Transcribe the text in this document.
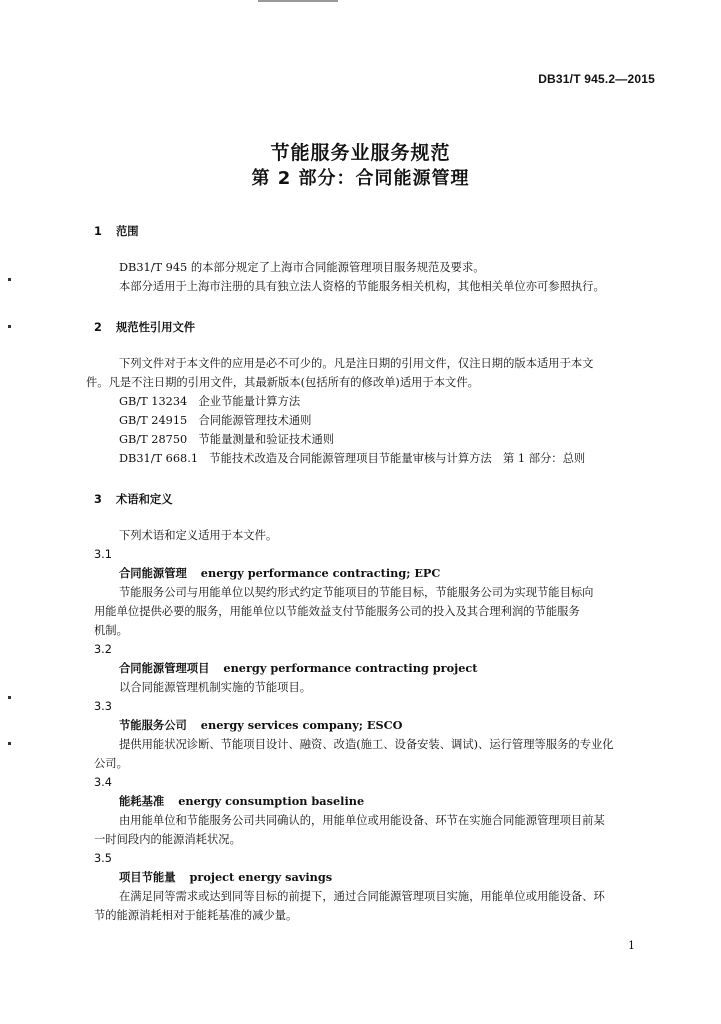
DB31/T 945.2—2015
节能服务业服务规范
第 2 部分：合同能源管理
1 范围
DB31/T 945 的本部分规定了上海市合同能源管理项目服务规范及要求。
本部分适用于上海市注册的具有独立法人资格的节能服务相关机构，其他相关单位亦可参照执行。
2 规范性引用文件
下列文件对于本文件的应用是必不可少的。凡是注日期的引用文件，仅注日期的版本适用于本文
件。凡是不注日期的引用文件，其最新版本(包括所有的修改单)适用于本文件。
GB/T 13234　企业节能量计算方法
GB/T 24915　合同能源管理技术通则
GB/T 28750　节能量测量和验证技术通则
DB31/T 668.1　节能技术改造及合同能源管理项目节能量审核与计算方法　第 1 部分：总则
3 术语和定义
下列术语和定义适用于本文件。
3.1
合同能源管理 energy performance contracting; EPC
节能服务公司与用能单位以契约形式约定节能项目的节能目标，节能服务公司为实现节能目标向
用能单位提供必要的服务，用能单位以节能效益支付节能服务公司的投入及其合理利润的节能服务
机制。
3.2
合同能源管理项目 energy performance contracting project
以合同能源管理机制实施的节能项目。
3.3
节能服务公司 energy services company; ESCO
提供用能状况诊断、节能项目设计、融资、改造(施工、设备安装、调试)、运行管理等服务的专业化
公司。
3.4
能耗基准 energy consumption baseline
由用能单位和节能服务公司共同确认的，用能单位或用能设备、环节在实施合同能源管理项目前某
一时间段内的能源消耗状况。
3.5
项目节能量 project energy savings
在满足同等需求或达到同等目标的前提下，通过合同能源管理项目实施，用能单位或用能设备、环
节的能源消耗相对于能耗基准的减少量。
1
